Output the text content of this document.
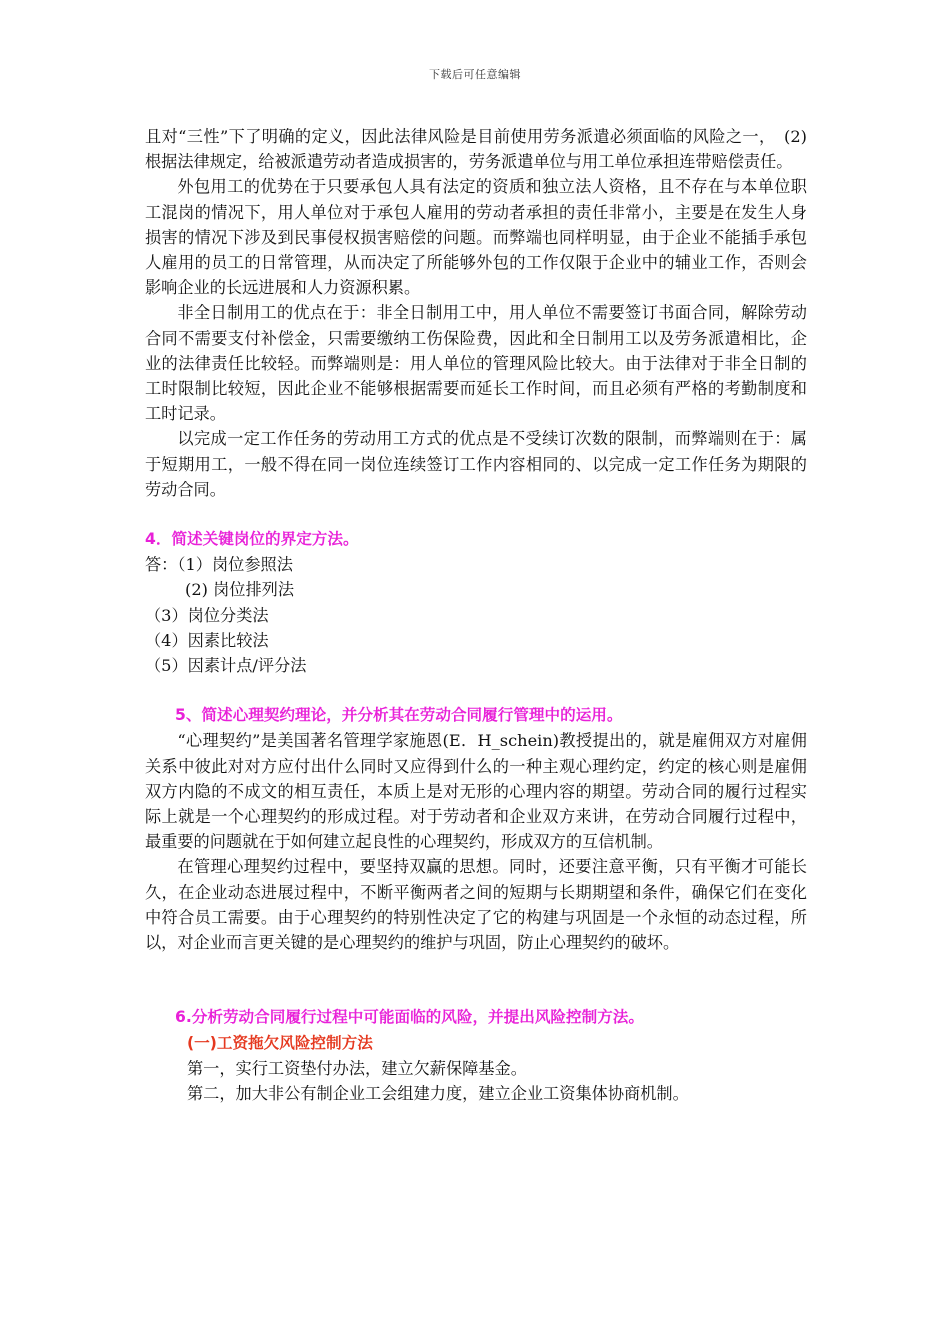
下载后可任意编辑

且对“三性”下了明确的定义，因此法律风险是目前使用劳务派遣必须面临的风险之一，　(2)根据法律规定，给被派遣劳动者造成损害的，劳务派遣单位与用工单位承担连带赔偿责任。

外包用工的优势在于只要承包人具有法定的资质和独立法人资格，且不存在与本单位职工混岗的情况下，用人单位对于承包人雇用的劳动者承担的责任非常小，主要是在发生人身损害的情况下涉及到民事侵权损害赔偿的问题。而弊端也同样明显，由于企业不能插手承包人雇用的员工的日常管理，从而决定了所能够外包的工作仅限于企业中的辅业工作，否则会影响企业的长远进展和人力资源积累。

非全日制用工的优点在于：非全日制用工中，用人单位不需要签订书面合同，解除劳动合同不需要支付补偿金，只需要缴纳工伤保险费，因此和全日制用工以及劳务派遣相比，企业的法律责任比较轻。而弊端则是：用人单位的管理风险比较大。由于法律对于非全日制的工时限制比较短，因此企业不能够根据需要而延长工作时间，而且必须有严格的考勤制度和工时记录。

以完成一定工作任务的劳动用工方式的优点是不受续订次数的限制，而弊端则在于：属于短期用工，一般不得在同一岗位连续签订工作内容相同的、以完成一定工作任务为期限的劳动合同。

4．简述关键岗位的界定方法。

答：（1）岗位参照法

(2) 岗位排列法

（3）岗位分类法

（4）因素比较法

（5）因素计点/评分法

5、简述心理契约理论，并分析其在劳动合同履行管理中的运用。

“心理契约”是美国著名管理学家施恩(E．H_schein)教授提出的，就是雇佣双方对雇佣关系中彼此对对方应付出什么同时又应得到什么的一种主观心理约定，约定的核心则是雇佣双方内隐的不成文的相互责任，本质上是对无形的心理内容的期望。劳动合同的履行过程实际上就是一个心理契约的形成过程。对于劳动者和企业双方来讲，在劳动合同履行过程中，最重要的问题就在于如何建立起良性的心理契约，形成双方的互信机制。

在管理心理契约过程中，要坚持双赢的思想。同时，还要注意平衡，只有平衡才可能长久，在企业动态进展过程中，不断平衡两者之间的短期与长期期望和条件，确保它们在变化中符合员工需要。由于心理契约的特别性决定了它的构建与巩固是一个永恒的动态过程，所以，对企业而言更关键的是心理契约的维护与巩固，防止心理契约的破坏。

6.分析劳动合同履行过程中可能面临的风险，并提出风险控制方法。

(一)工资拖欠风险控制方法

第一，实行工资垫付办法，建立欠薪保障基金。

第二，加大非公有制企业工会组建力度，建立企业工资集体协商机制。
